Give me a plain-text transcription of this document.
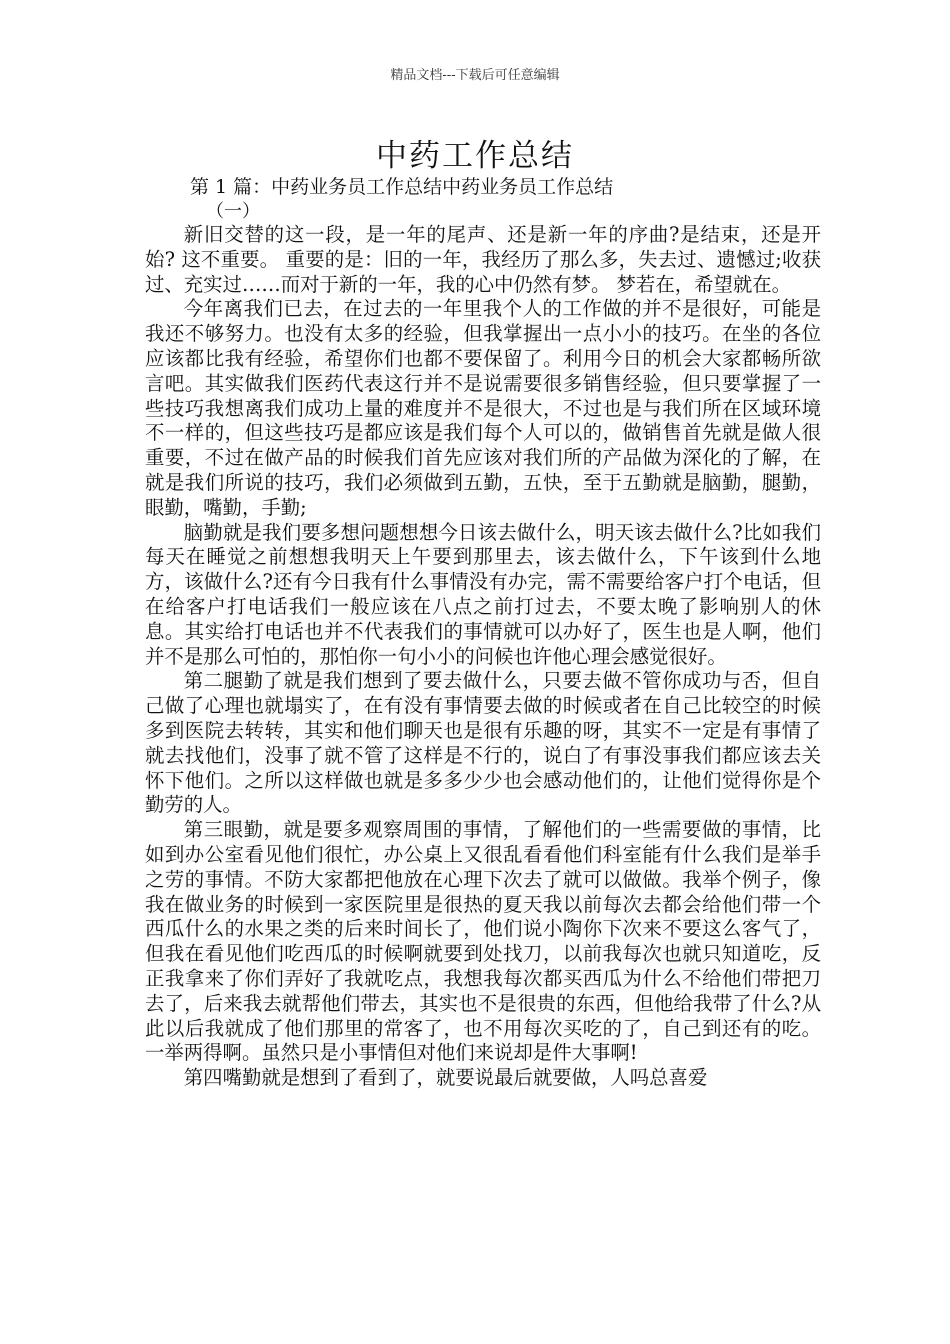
精品文档---下载后可任意编辑
中药工作总结
第 1 篇：中药业务员工作总结中药业务员工作总结
（一）

新旧交替的这一段，是一年的尾声、还是新一年的序曲?是结束，还是开始? 这不重要。 重要的是：旧的一年，我经历了那么多，失去过、遗憾过;收获过、充实过……而对于新的一年，我的心中仍然有梦。 梦若在，希望就在。

今年离我们已去，在过去的一年里我个人的工作做的并不是很好，可能是我还不够努力。也没有太多的经验，但我掌握出一点小小的技巧。在坐的各位应该都比我有经验，希望你们也都不要保留了。利用今日的机会大家都畅所欲言吧。其实做我们医药代表这行并不是说需要很多销售经验，但只要掌握了一些技巧我想离我们成功上量的难度并不是很大，不过也是与我们所在区域环境不一样的，但这些技巧是都应该是我们每个人可以的，做销售首先就是做人很重要，不过在做产品的时候我们首先应该对我们所的产品做为深化的了解，在就是我们所说的技巧，我们必须做到五勤，五快，至于五勤就是脑勤，腿勤，眼勤，嘴勤，手勤;

脑勤就是我们要多想问题想想今日该去做什么，明天该去做什么?比如我们每天在睡觉之前想想我明天上午要到那里去，该去做什么，下午该到什么地方，该做什么?还有今日我有什么事情没有办完，需不需要给客户打个电话，但在给客户打电话我们一般应该在八点之前打过去，不要太晚了影响别人的休息。其实给打电话也并不代表我们的事情就可以办好了，医生也是人啊，他们并不是那么可怕的，那怕你一句小小的问候也许他心理会感觉很好。

第二腿勤了就是我们想到了要去做什么，只要去做不管你成功与否，但自己做了心理也就塌实了，在有没有事情要去做的时候或者在自己比较空的时候多到医院去转转，其实和他们聊天也是很有乐趣的呀，其实不一定是有事情了就去找他们，没事了就不管了这样是不行的，说白了有事没事我们都应该去关怀下他们。之所以这样做也就是多多少少也会感动他们的，让他们觉得你是个勤劳的人。

第三眼勤，就是要多观察周围的事情，了解他们的一些需要做的事情，比如到办公室看见他们很忙，办公桌上又很乱看看他们科室能有什么我们是举手之劳的事情。不防大家都把他放在心理下次去了就可以做做。我举个例子，像我在做业务的时候到一家医院里是很热的夏天我以前每次去都会给他们带一个西瓜什么的水果之类的后来时间长了，他们说小陶你下次来不要这么客气了，但我在看见他们吃西瓜的时候啊就要到处找刀，以前我每次也就只知道吃，反正我拿来了你们弄好了我就吃点，我想我每次都买西瓜为什么不给他们带把刀去了，后来我去就帮他们带去，其实也不是很贵的东西，但他给我带了什么?从此以后我就成了他们那里的常客了，也不用每次买吃的了，自己到还有的吃。一举两得啊。虽然只是小事情但对他们来说却是件大事啊!

第四嘴勤就是想到了看到了，就要说最后就要做，人吗总喜爱
